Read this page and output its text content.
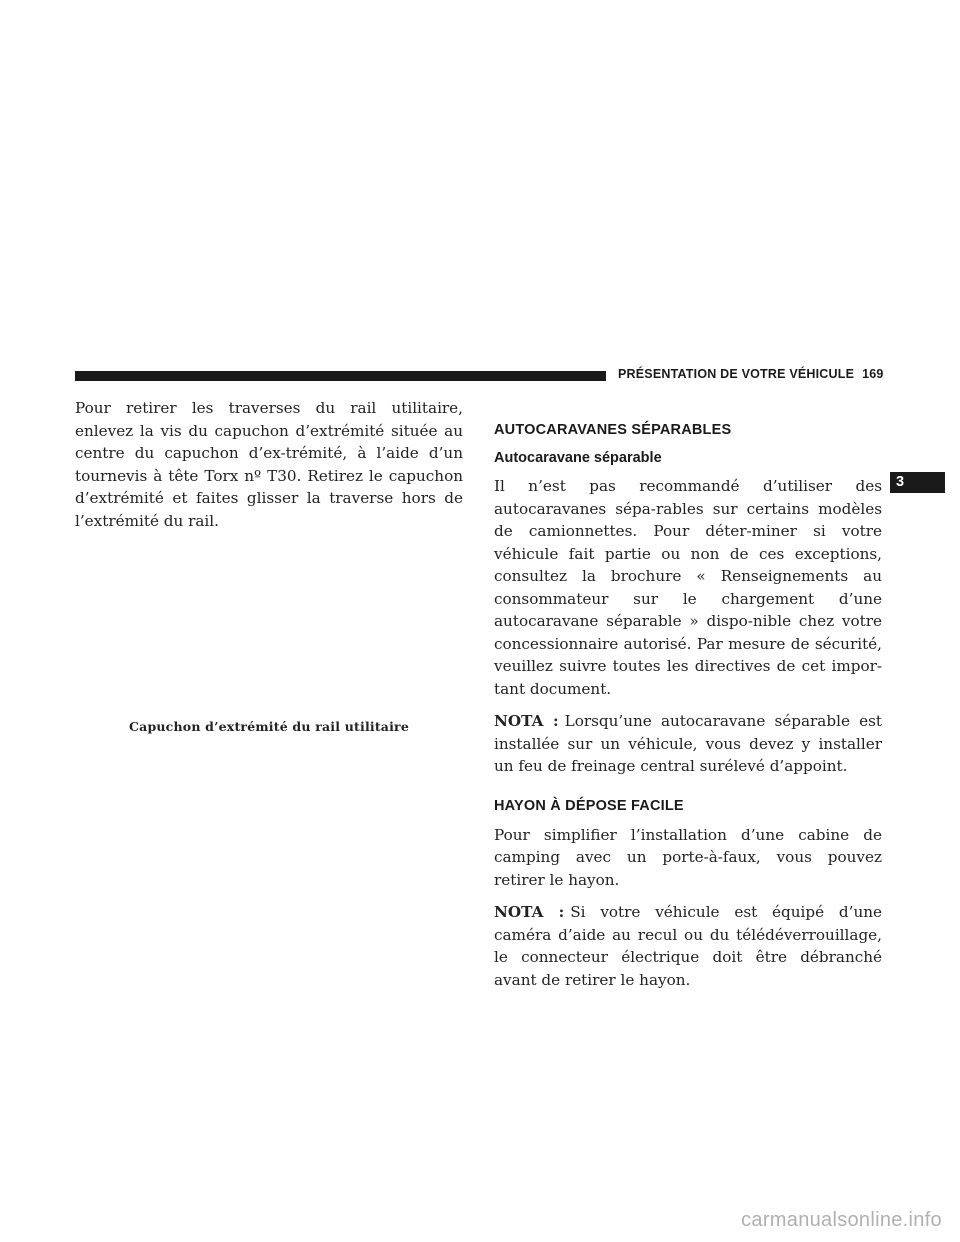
PRÉSENTATION DE VOTRE VÉHICULE 169

Pour retirer les traverses du rail utilitaire, enlevez la vis du capuchon d’extrémité située au centre du capuchon d’ex-trémité, à l’aide d’un tournevis à tête Torx nº T30. Retirez le capuchon d’extrémité et faites glisser la traverse hors de l’extrémité du rail.

Capuchon d’extrémité du rail utilitaire
AUTOCARAVANES SÉPARABLES
Autocaravane séparable

Il n’est pas recommandé d’utiliser des autocaravanes sépa-rables sur certains modèles de camionnettes. Pour déter-miner si votre véhicule fait partie ou non de ces exceptions, consultez la brochure « Renseignements au consommateur sur le chargement d’une autocaravane séparable » dispo-nible chez votre concessionnaire autorisé. Par mesure de sécurité, veuillez suivre toutes les directives de cet impor-tant document.

NOTA : Lorsqu’une autocaravane séparable est installée sur un véhicule, vous devez y installer un feu de freinage central surélevé d’appoint.

HAYON À DÉPOSE FACILE

Pour simplifier l’installation d’une cabine de camping avec un porte-à-faux, vous pouvez retirer le hayon.

NOTA : Si votre véhicule est équipé d’une caméra d’aide au recul ou du télédéverrouillage, le connecteur électrique doit être débranché avant de retirer le hayon.

3
carmanualsonline.info
